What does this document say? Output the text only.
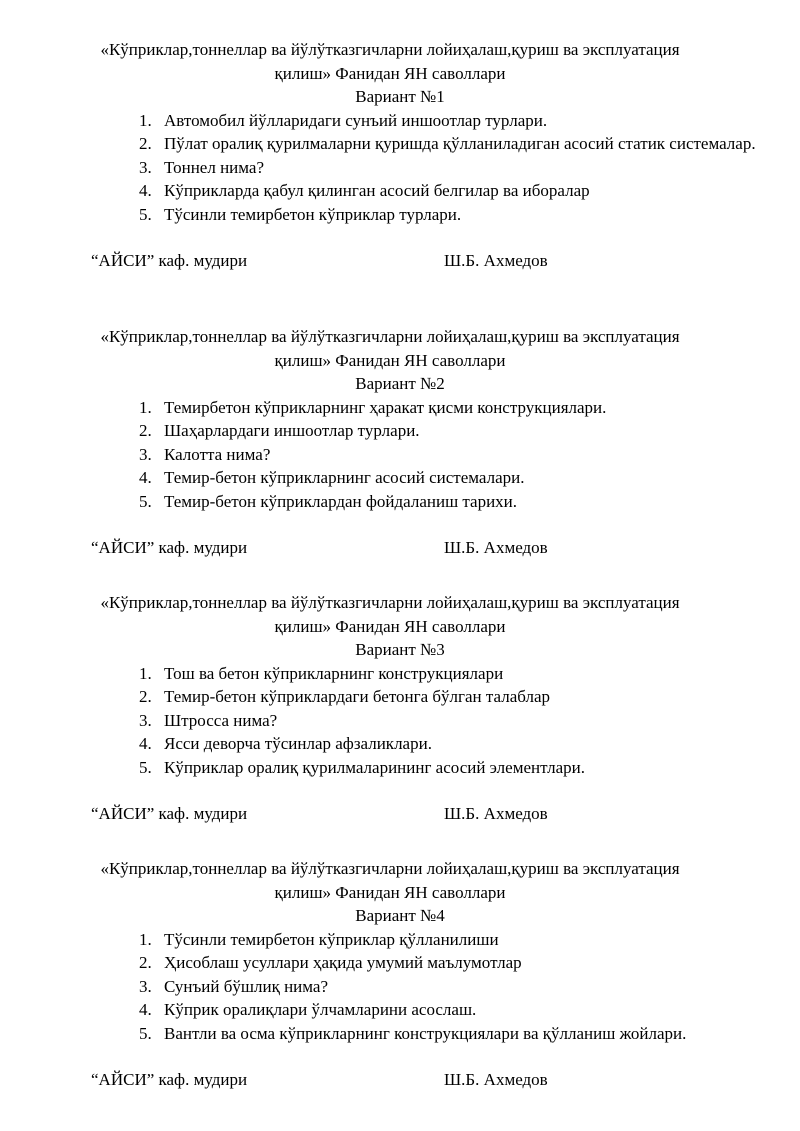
«Кўприклар,тоннеллар ва йўлўтказгичларни лойиҳалаш,қуриш ва эксплуатация
қилиш» Фанидан ЯН саволлари
Вариант №1
1. Автомобил йўлларидаги сунъий иншоотлар турлари.
2. Пўлат оралиқ қурилмаларни қуришда қўлланиладиган асосий статик системалар.
3. Тоннел нима?
4. Кўприкларда қабул қилинган асосий белгилар ва иборалар
5. Тўсинли темирбетон кўприклар турлари.
“АЙСИ” каф. мудири	Ш.Б. Ахмедов
«Кўприклар,тоннеллар ва йўлўтказгичларни лойиҳалаш,қуриш ва эксплуатация
қилиш» Фанидан ЯН саволлари
Вариант №2
1. Темирбетон кўприкларнинг ҳаракат қисми конструкциялари.
2. Шаҳарлардаги иншоотлар турлари.
3. Калотта нима?
4. Темир-бетон кўприкларнинг асосий системалари.
5. Темир-бетон кўприклардан фойдаланиш тарихи.
“АЙСИ” каф. мудири	Ш.Б. Ахмедов
«Кўприклар,тоннеллар ва йўлўтказгичларни лойиҳалаш,қуриш ва эксплуатация
қилиш» Фанидан ЯН саволлари
Вариант №3
1. Тош ва бетон кўприкларнинг конструкциялари
2. Темир-бетон кўприклардаги бетонга бўлган талаблар
3. Штросса нима?
4. Ясси деворча тўсинлар афзаликлари.
5. Кўприклар оралиқ қурилмаларининг асосий элементлари.
“АЙСИ” каф. мудири	Ш.Б. Ахмедов
«Кўприклар,тоннеллар ва йўлўтказгичларни лойиҳалаш,қуриш ва эксплуатация
қилиш» Фанидан ЯН саволлари
Вариант №4
1. Тўсинли темирбетон кўприклар қўлланилиши
2. Ҳисоблаш усуллари ҳақида умумий маълумотлар
3. Сунъий бўшлиқ нима?
4. Кўприк оралиқлари ўлчамларини асослаш.
5. Вантли ва осма кўприкларнинг конструкциялари ва қўлланиш жойлари.
“АЙСИ” каф. мудири	Ш.Б. Ахмедов
